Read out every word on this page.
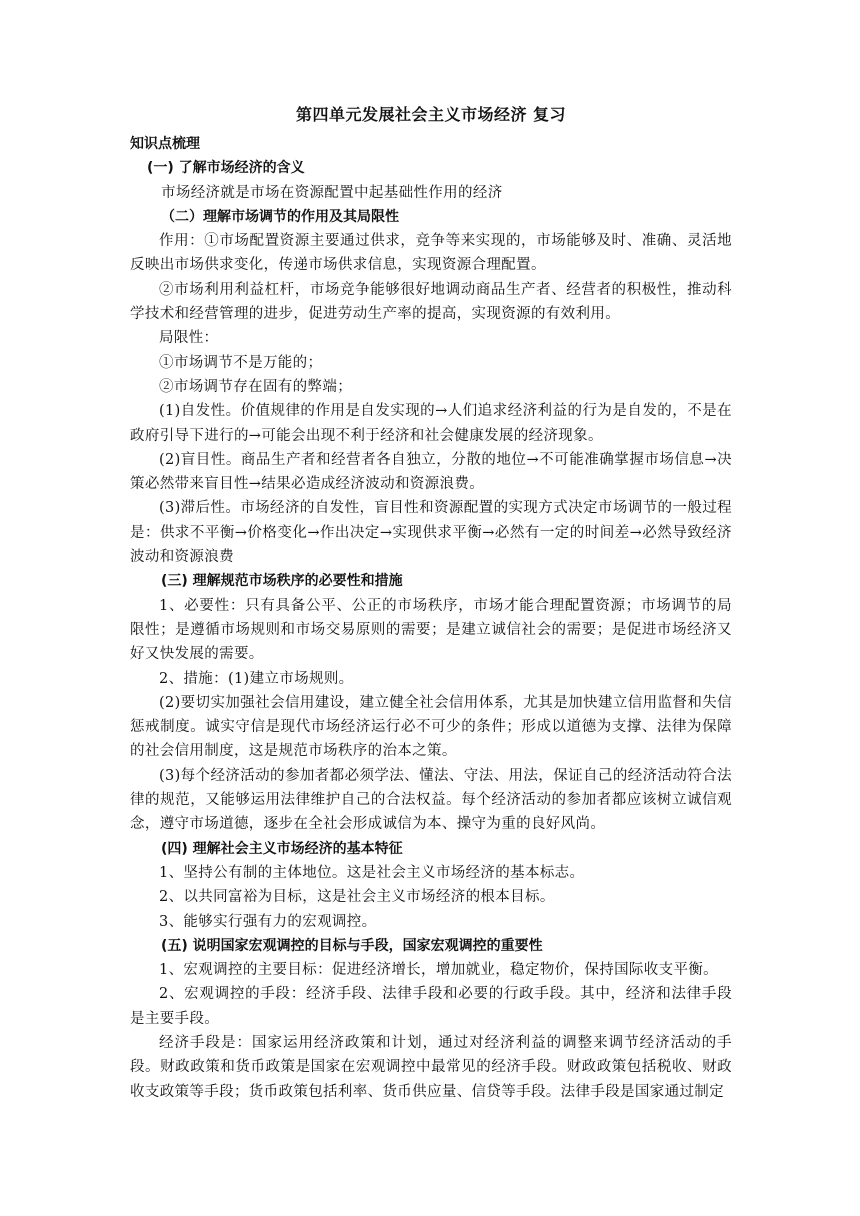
第四单元发展社会主义市场经济 复习
知识点梳理
(一) 了解市场经济的含义

市场经济就是市场在资源配置中起基础性作用的经济

（二）理解市场调节的作用及其局限性

作用：①市场配置资源主要通过供求，竞争等来实现的，市场能够及时、准确、灵活地反映出市场供求变化，传递市场供求信息，实现资源合理配置。

②市场利用利益杠杆，市场竞争能够很好地调动商品生产者、经营者的积极性，推动科学技术和经营管理的进步，促进劳动生产率的提高，实现资源的有效利用。

局限性：

①市场调节不是万能的；

②市场调节存在固有的弊端；

(1)自发性。价值规律的作用是自发实现的→人们追求经济利益的行为是自发的，不是在政府引导下进行的→可能会出现不利于经济和社会健康发展的经济现象。

(2)盲目性。商品生产者和经营者各自独立，分散的地位→不可能准确掌握市场信息→决策必然带来盲目性→结果必造成经济波动和资源浪费。

(3)滞后性。市场经济的自发性，盲目性和资源配置的实现方式决定市场调节的一般过程是：供求不平衡→价格变化→作出决定→实现供求平衡→必然有一定的时间差→必然导致经济波动和资源浪费

(三) 理解规范市场秩序的必要性和措施

1、必要性：只有具备公平、公正的市场秩序，市场才能合理配置资源；市场调节的局限性；是遵循市场规则和市场交易原则的需要；是建立诚信社会的需要；是促进市场经济又好又快发展的需要。

2、措施：(1)建立市场规则。

(2)要切实加强社会信用建设，建立健全社会信用体系，尤其是加快建立信用监督和失信惩戒制度。诚实守信是现代市场经济运行必不可少的条件；形成以道德为支撑、法律为保障的社会信用制度，这是规范市场秩序的治本之策。

(3)每个经济活动的参加者都必须学法、懂法、守法、用法，保证自己的经济活动符合法律的规范，又能够运用法律维护自己的合法权益。每个经济活动的参加者都应该树立诚信观念，遵守市场道德，逐步在全社会形成诚信为本、操守为重的良好风尚。

(四) 理解社会主义市场经济的基本特征

1、坚持公有制的主体地位。这是社会主义市场经济的基本标志。

2、以共同富裕为目标，这是社会主义市场经济的根本目标。

3、能够实行强有力的宏观调控。

(五) 说明国家宏观调控的目标与手段，国家宏观调控的重要性

1、宏观调控的主要目标：促进经济增长，增加就业，稳定物价，保持国际收支平衡。

2、宏观调控的手段：经济手段、法律手段和必要的行政手段。其中，经济和法律手段是主要手段。

经济手段是：国家运用经济政策和计划，通过对经济利益的调整来调节经济活动的手段。财政政策和货币政策是国家在宏观调控中最常见的经济手段。财政政策包括税收、财政收支政策等手段；货币政策包括利率、货币供应量、信贷等手段。法律手段是国家通过制定
